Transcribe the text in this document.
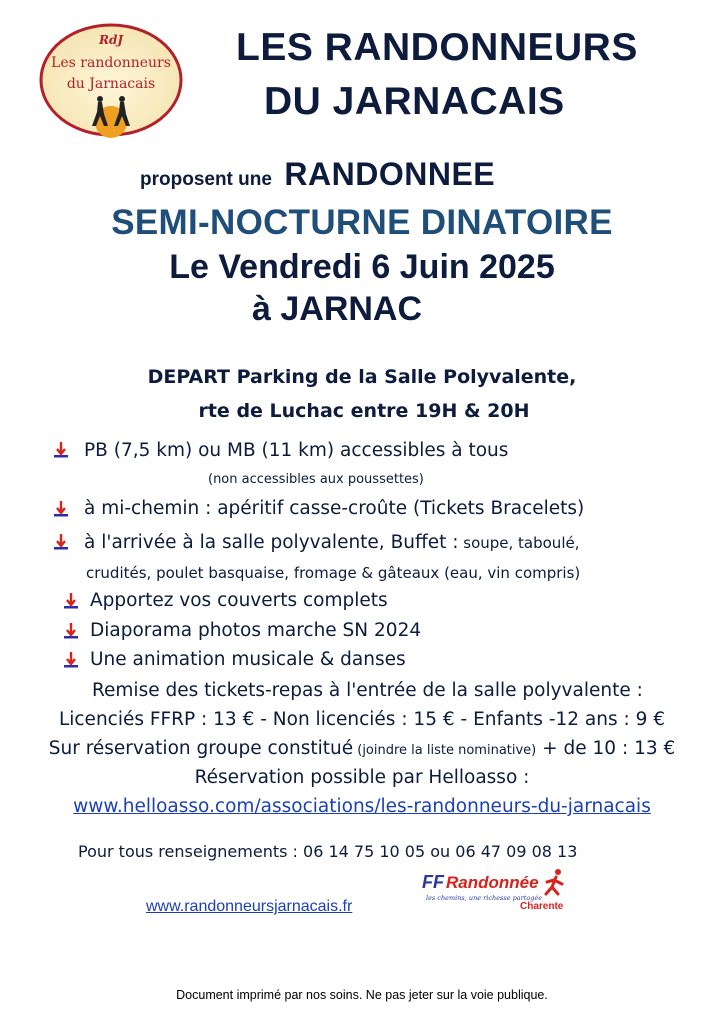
RdJ
Les randonneurs
du Jarnacais
LES RANDONNEURS
DU JARNACAIS
proposent une RANDONNEE
SEMI-NOCTURNE DINATOIRE
Le Vendredi 6 Juin 2025
à JARNAC
DEPART Parking de la Salle Polyvalente,
rte de Luchac entre 19H & 20H
PB (7,5 km) ou MB (11 km) accessibles à tous
(non accessibles aux poussettes)
à mi-chemin : apéritif casse-croûte (Tickets Bracelets)
à l'arrivée à la salle polyvalente, Buffet : soupe, taboulé,
crudités, poulet basquaise, fromage & gâteaux (eau, vin compris)
Apportez vos couverts complets
Diaporama photos marche SN 2024
Une animation musicale & danses
Remise des tickets-repas à l'entrée de la salle polyvalente :
Licenciés FFRP : 13 € - Non licenciés : 15 € - Enfants -12 ans : 9 €
Sur réservation groupe constitué (joindre la liste nominative) + de 10 : 13 €
Réservation possible par Helloasso :
www.helloasso.com/associations/les-randonneurs-du-jarnacais
Pour tous renseignements : 06 14 75 10 05 ou 06 47 09 08 13
www.randonneursjarnacais.fr
FF Randonnée
les chemins, une richesse partagée
Charente
Document imprimé par nos soins. Ne pas jeter sur la voie publique.
